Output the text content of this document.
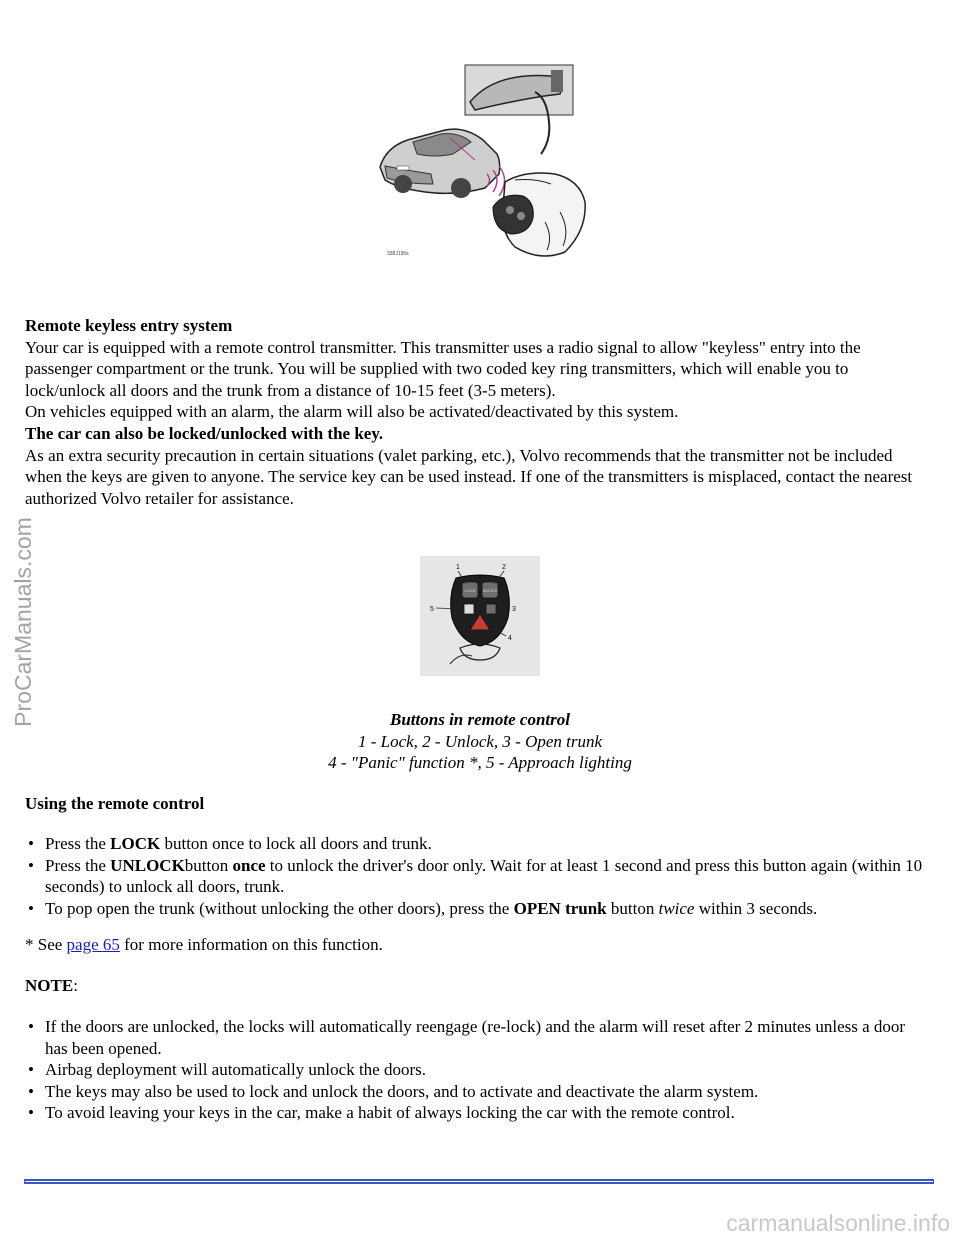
ProCarManuals.com
338J195s

Remote keyless entry system

Your car is equipped with a remote control transmitter. This transmitter uses a radio signal to allow "keyless" entry into the passenger compartment or the trunk. You will be supplied with two coded key ring transmitters, which will enable you to lock/unlock all doors and the trunk from a distance of 10-15 feet (3-5 meters).

On vehicles equipped with an alarm, the alarm will also be activated/deactivated by this system.

The car can also be locked/unlocked with the key.

As an extra security precaution in certain situations (valet parking, etc.), Volvo recommends that the transmitter not be included when the keys are given to anyone. The service key can be used instead. If one of the transmitters is misplaced, contact the nearest authorized Volvo retailer for assistance.

LOCK UNLOCK
1	2
3
4
5
Buttons in remote control
1 - Lock, 2 - Unlock, 3 - Open trunk
4 - "Panic" function *, 5 - Approach lighting
Using the remote control
• Press the LOCK button once to lock all doors and trunk.
• Press the UNLOCKbutton once to unlock the driver's door only. Wait for at least 1 second and press this button again (within 10 seconds) to unlock all doors, trunk.
• To pop open the trunk (without unlocking the other doors), press the OPEN trunk button twice within 3 seconds.
* See page 65 for more information on this function.
NOTE:
• If the doors are unlocked, the locks will automatically reengage (re-lock) and the alarm will reset after 2 minutes unless a door has been opened.
• Airbag deployment will automatically unlock the doors.
• The keys may also be used to lock and unlock the doors, and to activate and deactivate the alarm system.
• To avoid leaving your keys in the car, make a habit of always locking the car with the remote control.
carmanualsonline.info
